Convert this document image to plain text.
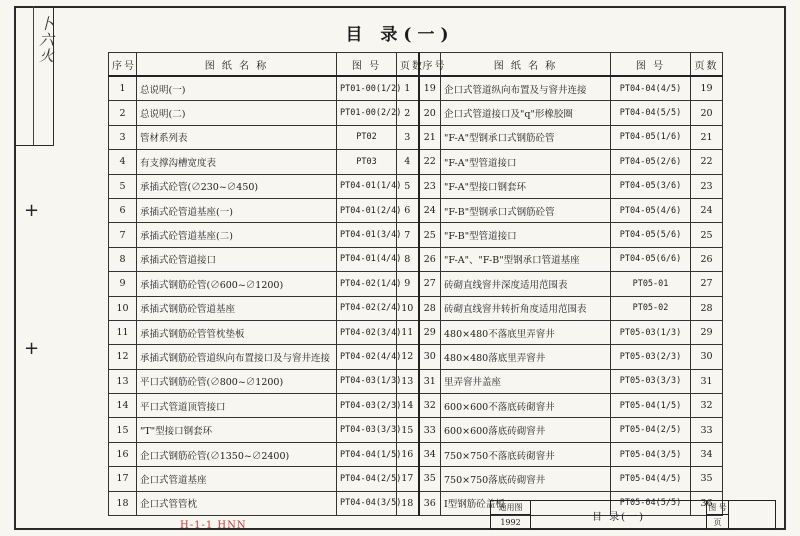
卜六火
+
+
目 录(一)
序号	图 纸 名 称	图 号	页数	序号	图 纸 名 称	图 号	页数
1	总说明(一)	PT01-00(1/2)	1	19	企口式管道纵向布置及与窨井连接	PT04-04(4/5)	19
2	总说明(二)	PT01-00(2/2)	2	20	企口式管道接口及"q"形橡胶圈	PT04-04(5/5)	20
3	管材系列表	PT02	3	21	"F-A"型钢承口式钢筋砼管	PT04-05(1/6)	21
4	有支撑沟槽宽度表	PT03	4	22	"F-A"型管道接口	PT04-05(2/6)	22
5	承插式砼管(∅230~∅450)	PT04-01(1/4)	5	23	"F-A"型接口钢套环	PT04-05(3/6)	23
6	承插式砼管道基座(一)	PT04-01(2/4)	6	24	"F-B"型钢承口式钢筋砼管	PT04-05(4/6)	24
7	承插式砼管道基座(二)	PT04-01(3/4)	7	25	"F-B"型管道接口	PT04-05(5/6)	25
8	承插式砼管道接口	PT04-01(4/4)	8	26	"F-A"、"F-B"型钢承口管道基座	PT04-05(6/6)	26
9	承插式钢筋砼管(∅600~∅1200)	PT04-02(1/4)	9	27	砖砌直线窨井深度适用范围表	PT05-01	27
10	承插式钢筋砼管道基座	PT04-02(2/4)	10	28	砖砌直线窨井转折角度适用范围表	PT05-02	28
11	承插式钢筋砼管管枕垫板	PT04-02(3/4)	11	29	480×480不落底里弄窨井	PT05-03(1/3)	29
12	承插式钢筋砼管道纵向布置接口及与窨井连接	PT04-02(4/4)	12	30	480×480落底里弄窨井	PT05-03(2/3)	30
13	平口式钢筋砼管(∅800~∅1200)	PT04-03(1/3)	13	31	里弄窨井盖座	PT05-03(3/3)	31
14	平口式管道顶管接口	PT04-03(2/3)	14	32	600×600不落底砖砌窨井	PT05-04(1/5)	32
15	"T"型接口钢套环	PT04-03(3/3)	15	33	600×600落底砖砌窨井	PT05-04(2/5)	33
16	企口式钢筋砼管(∅1350~∅2400)	PT04-04(1/5)	16	34	750×750不落底砖砌窨井	PT05-04(3/5)	34
17	企口式管道基座	PT04-04(2/5)	17	35	750×750落底砖砌窨井	PT05-04(4/5)	35
18	企口式管管枕	PT04-04(3/5)	18	36	I型钢筋砼盖板	PT05-04(5/5)	36
通用图
1992	目 录(一)
图 号
页
H-1-1 HNN
